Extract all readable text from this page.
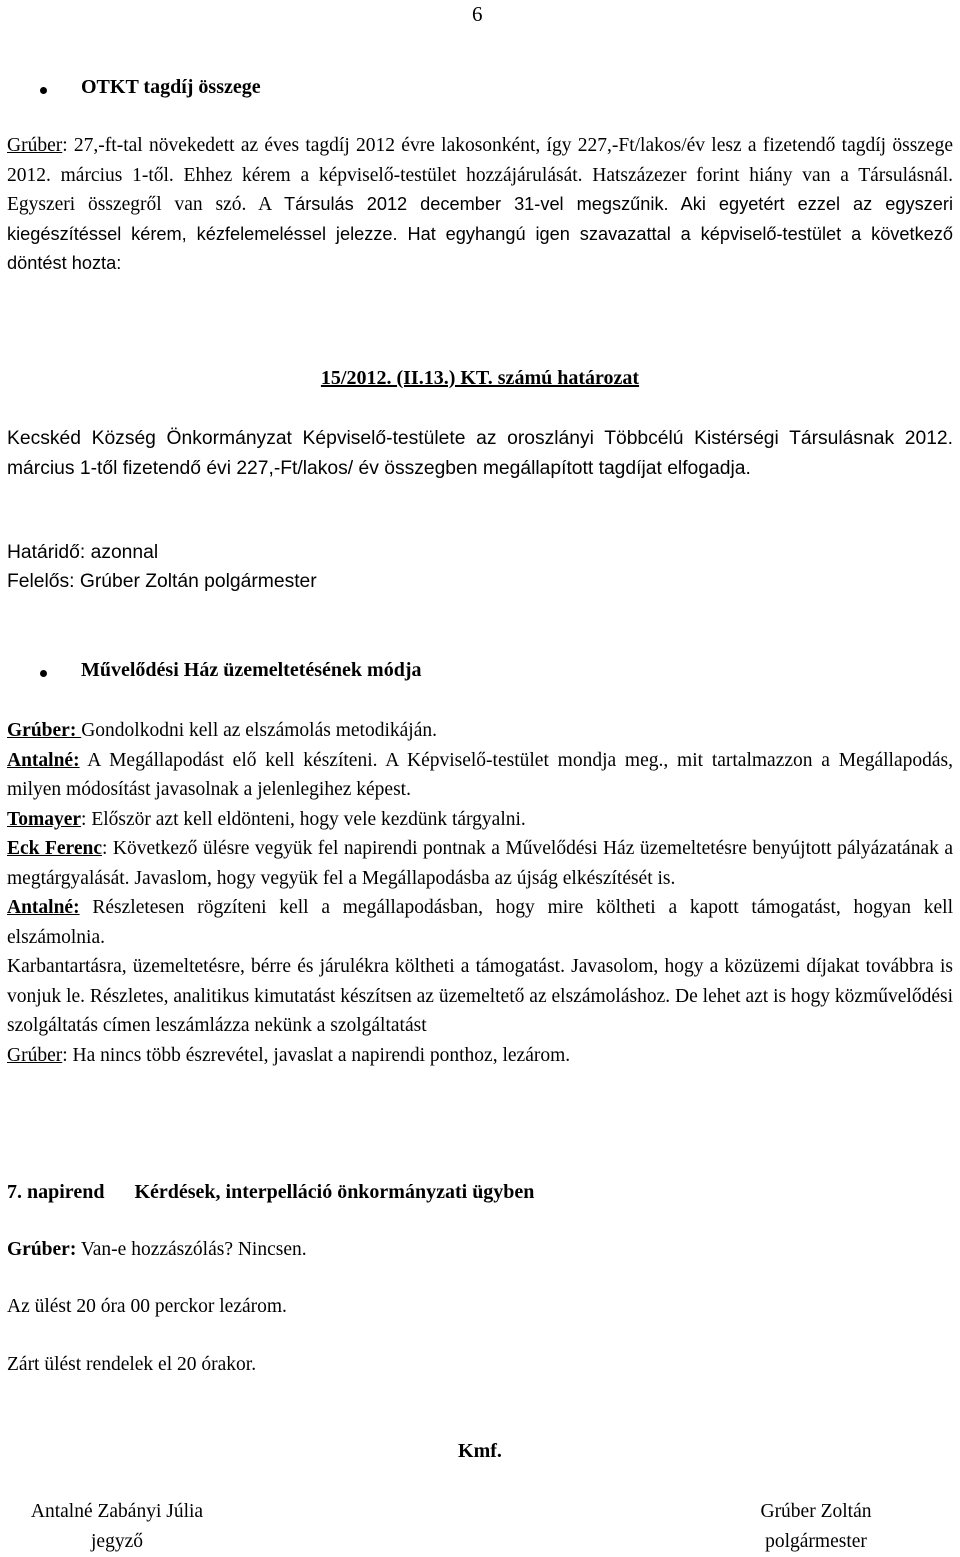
6
OTKT tagdíj összege
Grúber: 27,-ft-tal növekedett az éves tagdíj 2012 évre lakosonként, így 227,-Ft/lakos/év lesz a fizetendő tagdíj összege 2012. március 1-től. Ehhez kérem a képviselő-testület hozzájárulását. Hatszázezer forint hiány van a Társulásnál. Egyszeri összegről van szó. A Társulás 2012 december 31-vel megszűnik. Aki egyetért ezzel az egyszeri kiegészítéssel kérem, kézfelemeléssel jelezze. Hat egyhangú igen szavazattal a képviselő-testület a következő döntést hozta:
15/2012. (II.13.) KT. számú határozat
Kecskéd Község Önkormányzat Képviselő-testülete az oroszlányi Többcélú Kistérségi Társulásnak 2012. március 1-től fizetendő évi 227,-Ft/lakos/ év összegben megállapított tagdíjat elfogadja.
Határidő: azonnal
Felelős: Grúber Zoltán polgármester
Művelődési Ház üzemeltetésének módja
Grúber: Gondolkodni kell az elszámolás metodikáján.
Antalné: A Megállapodást elő kell készíteni. A Képviselő-testület mondja meg., mit tartalmazzon a Megállapodás, milyen módosítást javasolnak a jelenlegihez képest.
Tomayer: Először azt kell eldönteni, hogy vele kezdünk tárgyalni.
Eck Ferenc: Következő ülésre vegyük fel napirendi pontnak a Művelődési Ház üzemeltetésre benyújtott pályázatának a megtárgyalását. Javaslom, hogy vegyük fel a Megállapodásba az újság elkészítését is.
Antalné: Részletesen rögzíteni kell a megállapodásban, hogy mire költheti a kapott támogatást, hogyan kell elszámolnia.
Karbantartásra, üzemeltetésre, bérre és járulékra költheti a támogatást. Javasolom, hogy a közüzemi díjakat továbbra is vonjuk le. Részletes, analitikus kimutatást készítsen az üzemeltető az elszámoláshoz. De lehet azt is hogy közművelődési szolgáltatás címen leszámlázza nekünk a szolgáltatást
Grúber: Ha nincs több észrevétel, javaslat a napirendi ponthoz, lezárom.
7. napirend Kérdések, interpelláció önkormányzati ügyben
Grúber: Van-e hozzászólás? Nincsen.
Az ülést 20 óra 00 perckor lezárom.
Zárt ülést rendelek el 20 órakor.
Kmf.
Antalné Zabányi Júlia
jegyző
Grúber Zoltán
polgármester
